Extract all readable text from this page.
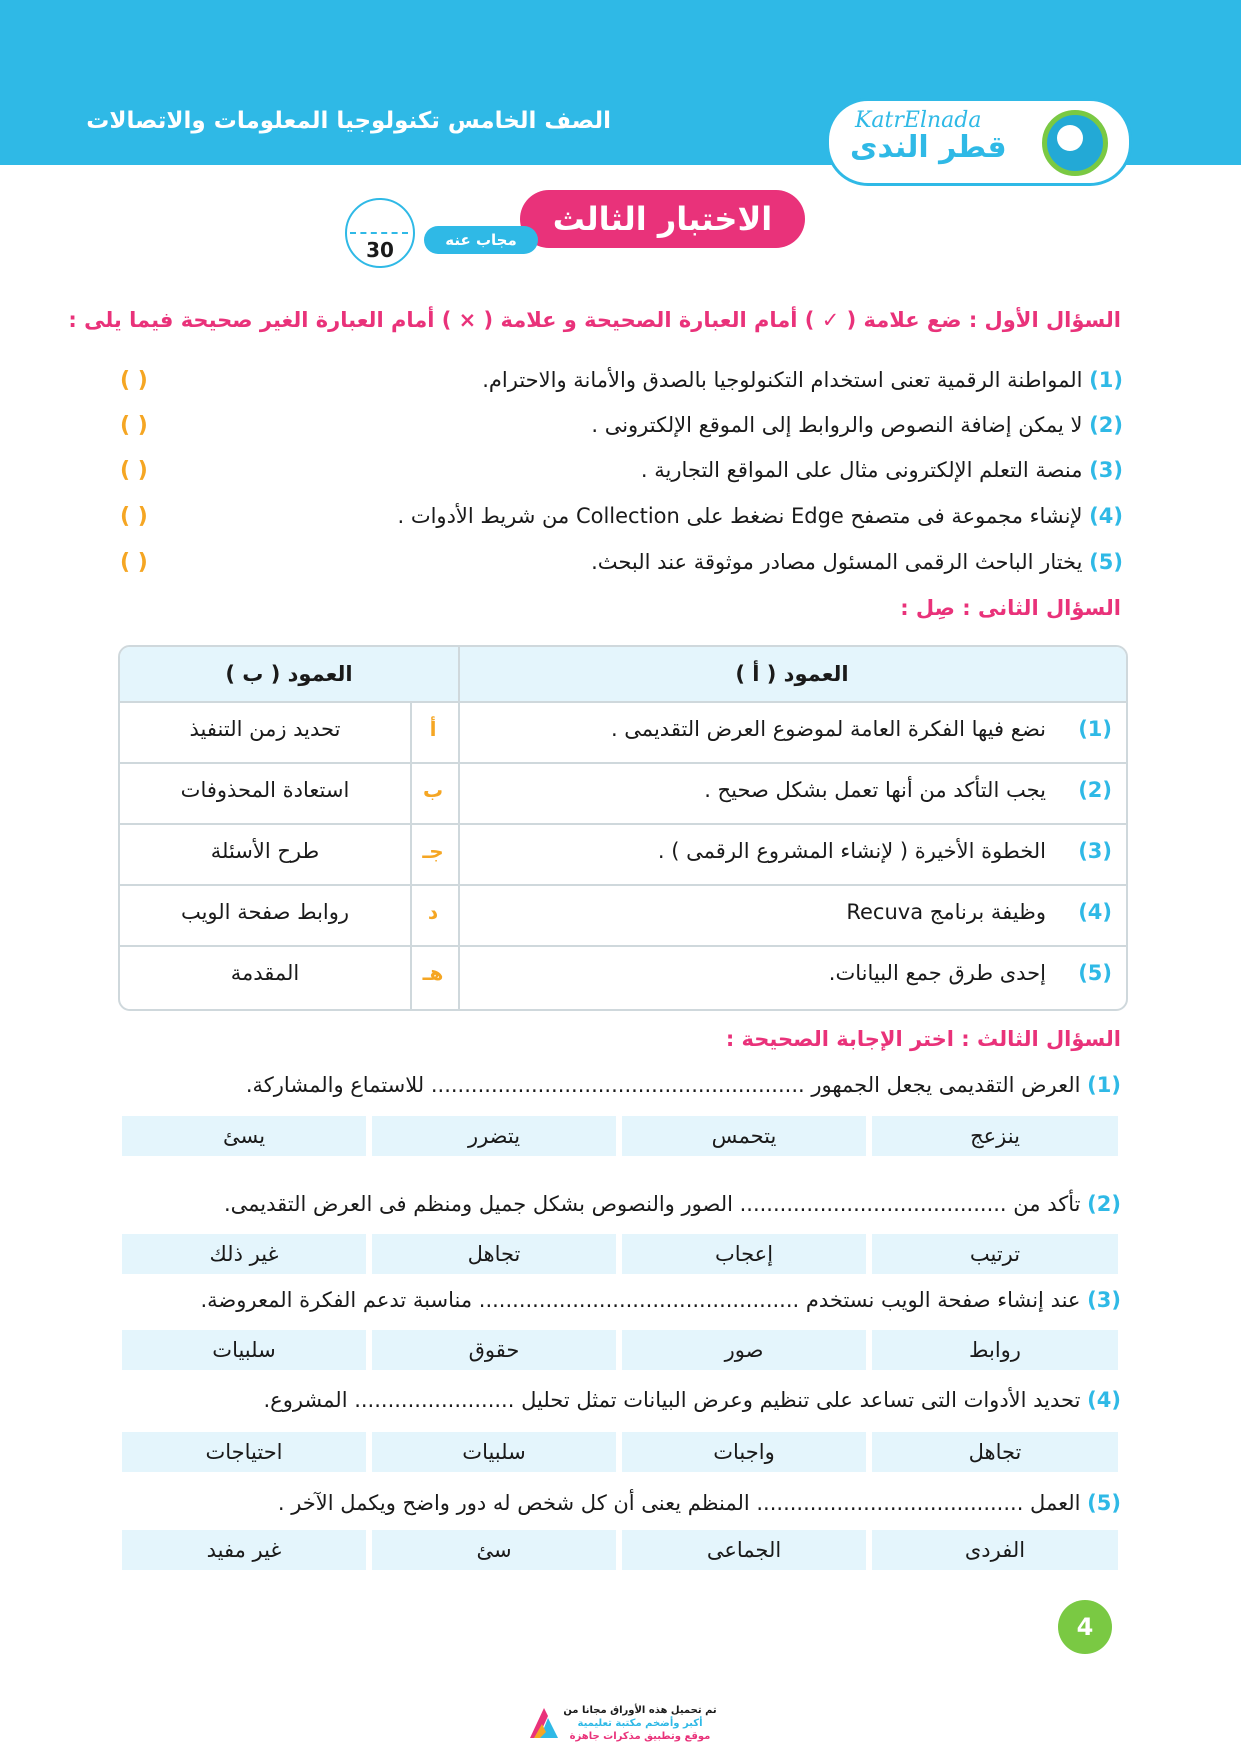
الصف الخامس تكنولوجيا المعلومات والاتصالات	KatrElnada
قطر الندى
الاختبار الثالث
مجاب عنه
30
السؤال الأول : ضع علامة ( ✓ ) أمام العبارة الصحيحة و علامة ( × ) أمام العبارة الغير صحيحة فيما يلى :
(1) المواطنة الرقمية تعنى استخدام التكنولوجيا بالصدق والأمانة والاحترام.
( )
(2) لا يمكن إضافة النصوص والروابط إلى الموقع الإلكترونى .
( )
(3) منصة التعلم الإلكترونى مثال على المواقع التجارية .
( )
(4) لإنشاء مجموعة فى متصفح Edge نضغط على Collection من شريط الأدوات .
( )
(5) يختار الباحث الرقمى المسئول مصادر موثوقة عند البحث.
( )
السؤال الثانى : صِل :
العمود ( أ )
العمود ( ب )
(1)
نضع فيها الفكرة العامة لموضوع العرض التقديمى .
أ
تحديد زمن التنفيذ
(2)
يجب التأكد من أنها تعمل بشكل صحيح .
ب
استعادة المحذوفات
(3)
الخطوة الأخيرة ( لإنشاء المشروع الرقمى ) .
جـ
طرح الأسئلة
(4)
وظيفة برنامج Recuva
د
روابط صفحة الويب
(5)
إحدى طرق جمع البيانات.
هـ
المقدمة
السؤال الثالث : اختر الإجابة الصحيحة :
(1) العرض التقديمى يجعل الجمهور ........................................................ للاستماع والمشاركة.
ينزعج
يتحمس
يتضرر
يسئ
(2) تأكد من ........................................ الصور والنصوص بشكل جميل ومنظم فى العرض التقديمى.
ترتيب
إعجاب
تجاهل
غير ذلك
(3) عند إنشاء صفحة الويب نستخدم ................................................ مناسبة تدعم الفكرة المعروضة.
روابط
صور
حقوق
سلبيات
(4) تحديد الأدوات التى تساعد على تنظيم وعرض البيانات تمثل تحليل ........................ المشروع.
تجاهل
واجبات
سلبيات
احتياجات
(5) العمل ........................................ المنظم يعنى أن كل شخص له دور واضح ويكمل الآخر .
الفردى
الجماعى
سئ
غير مفيد
4
تم تحميل هذه الأوراق مجانا من
أكبر وأضخم مكتبة تعليمية
موقع وتطبيق مذكرات جاهزة
